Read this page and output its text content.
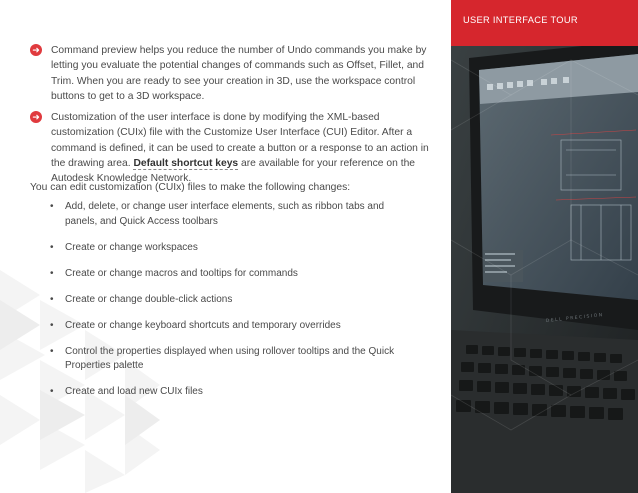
➜ Command preview helps you reduce the number of Undo commands you make by letting you evaluate the potential changes of commands such as Offset, Fillet, and Trim. When you are ready to see your creation in 3D, use the workspace control buttons to get to a 3D workspace.
➜ Customization of the user interface is done by modifying the XML-based customization (CUIx) file with the Customize User Interface (CUI) Editor. After a command is defined, it can be used to create a button or a response to an action in the drawing area. Default shortcut keys are available for your reference on the Autodesk Knowledge Network.
You can edit customization (CUIx) files to make the following changes:
• Add, delete, or change user interface elements, such as ribbon tabs and panels, and Quick Access toolbars
• Create or change workspaces
• Create or change macros and tooltips for commands
• Create or change double-click actions
• Create or change keyboard shortcuts and temporary overrides
• Control the properties displayed when using rollover tooltips and the Quick Properties palette
• Create and load new CUIx files
DELL PRECISION
USER INTERFACE TOUR
